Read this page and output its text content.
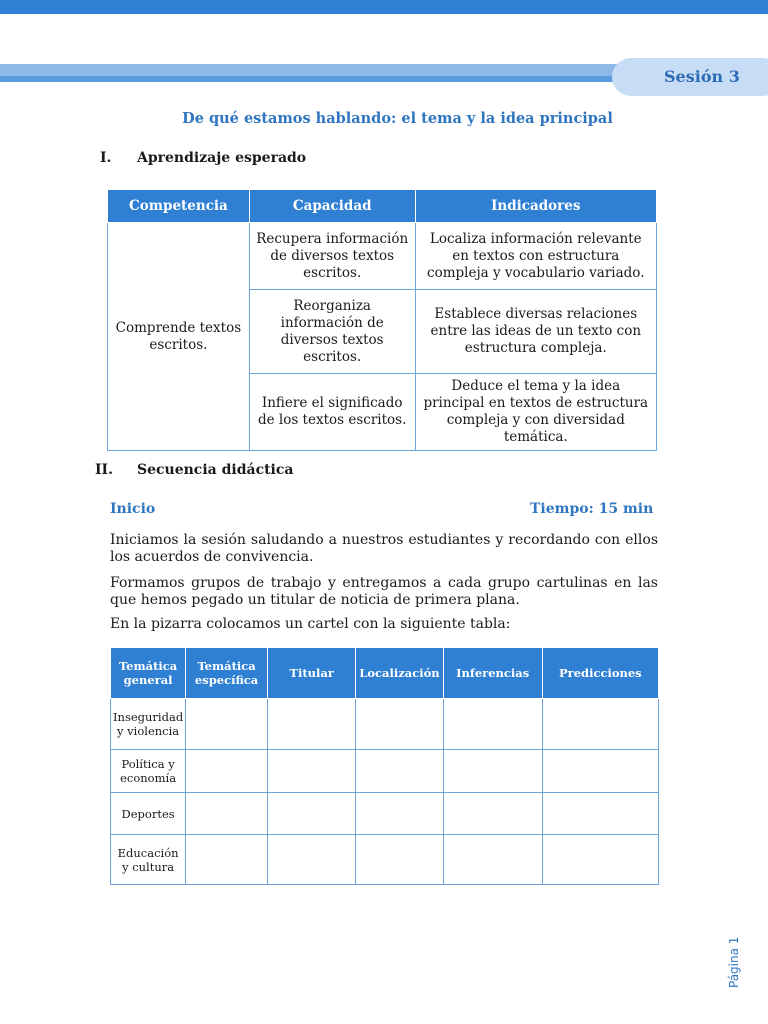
Sesión 3
De qué estamos hablando: el tema y la idea principal
I. Aprendizaje esperado
Competencia	Capacidad	Indicadores
Comprende textos escritos.	Recupera información de diversos textos escritos.	Localiza información relevante en textos con estructura compleja y vocabulario variado.
	Reorganiza información de diversos textos escritos.	Establece diversas relaciones entre las ideas de un texto con estructura compleja.
	Infiere el significado de los textos escritos.	Deduce el tema y la idea principal en textos de estructura compleja y con diversidad temática.
II. Secuencia didáctica
Inicio	Tiempo: 15 min

Iniciamos la sesión saludando a nuestros estudiantes y recordando con ellos los acuerdos de convivencia.

Formamos grupos de trabajo y entregamos a cada grupo cartulinas en las que hemos pegado un titular de noticia de primera plana.

En la pizarra colocamos un cartel con la siguiente tabla:

Temática general	Temática específica	Titular	Localización	Inferencias	Predicciones
Inseguridad y violencia					
Política y economía					
Deportes					
Educación y cultura					
Página 1
